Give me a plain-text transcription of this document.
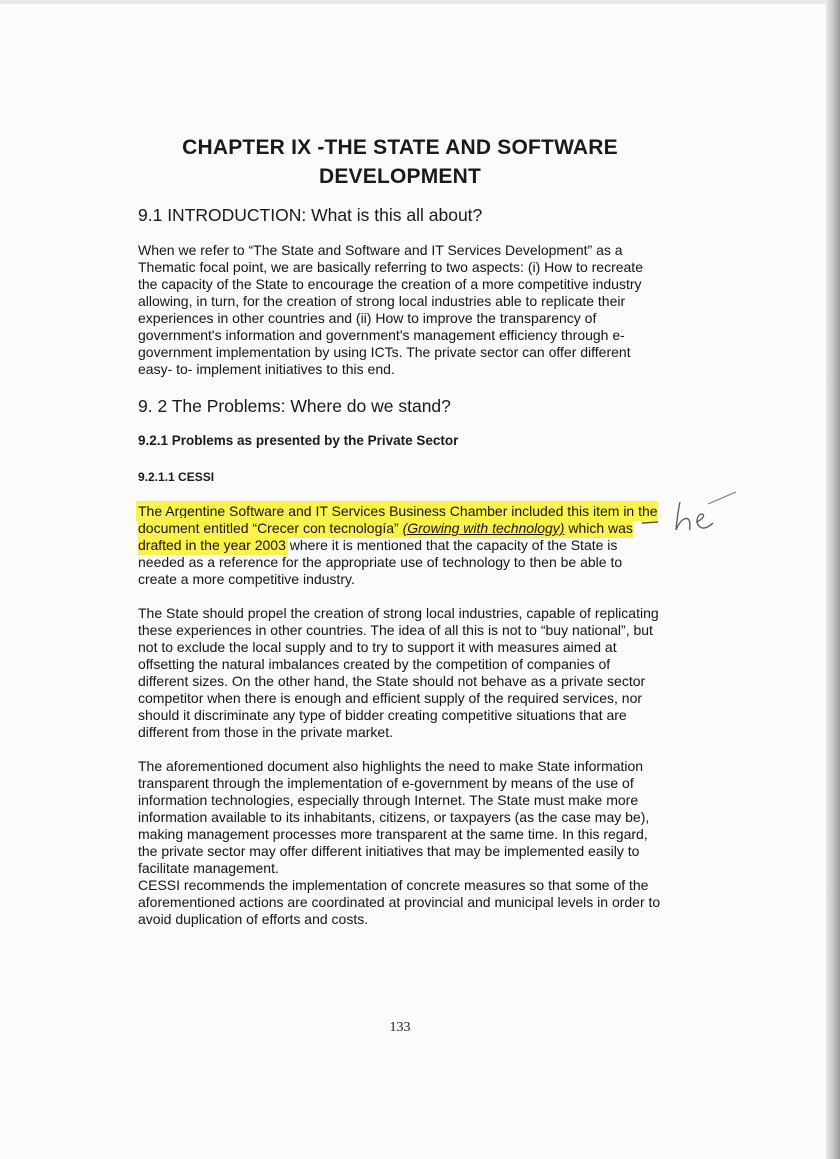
CHAPTER IX -THE STATE AND SOFTWARE DEVELOPMENT
9.1 INTRODUCTION: What is this all about?
When we refer to “The State and Software and IT Services Development” as a Thematic focal point, we are basically referring to two aspects: (i) How to recreate the capacity of the State to encourage the creation of a more competitive industry allowing, in turn, for the creation of strong local industries able to replicate their experiences in other countries and (ii) How to improve the transparency of government's information and government's management efficiency through e-government implementation by using ICTs. The private sector can offer different easy- to- implement initiatives to this end.
9. 2 The Problems: Where do we stand?
9.2.1 Problems as presented by the Private Sector
9.2.1.1 CESSI
The Argentine Software and IT Services Business Chamber included this item in the document entitled “Crecer con tecnología” (Growing with technology) which was drafted in the year 2003 where it is mentioned that the capacity of the State is needed as a reference for the appropriate use of technology to then be able to create a more competitive industry.
The State should propel the creation of strong local industries, capable of replicating these experiences in other countries. The idea of all this is not to “buy national”, but not to exclude the local supply and to try to support it with measures aimed at offsetting the natural imbalances created by the competition of companies of different sizes. On the other hand, the State should not behave as a private sector competitor when there is enough and efficient supply of the required services, nor should it discriminate any type of bidder creating competitive situations that are different from those in the private market.
The aforementioned document also highlights the need to make State information transparent through the implementation of e-government by means of the use of information technologies, especially through Internet. The State must make more information available to its inhabitants, citizens, or taxpayers (as the case may be), making management processes more transparent at the same time. In this regard, the private sector may offer different initiatives that may be implemented easily to facilitate management.
CESSI recommends the implementation of concrete measures so that some of the aforementioned actions are coordinated at provincial and municipal levels in order to avoid duplication of efforts and costs.
133
